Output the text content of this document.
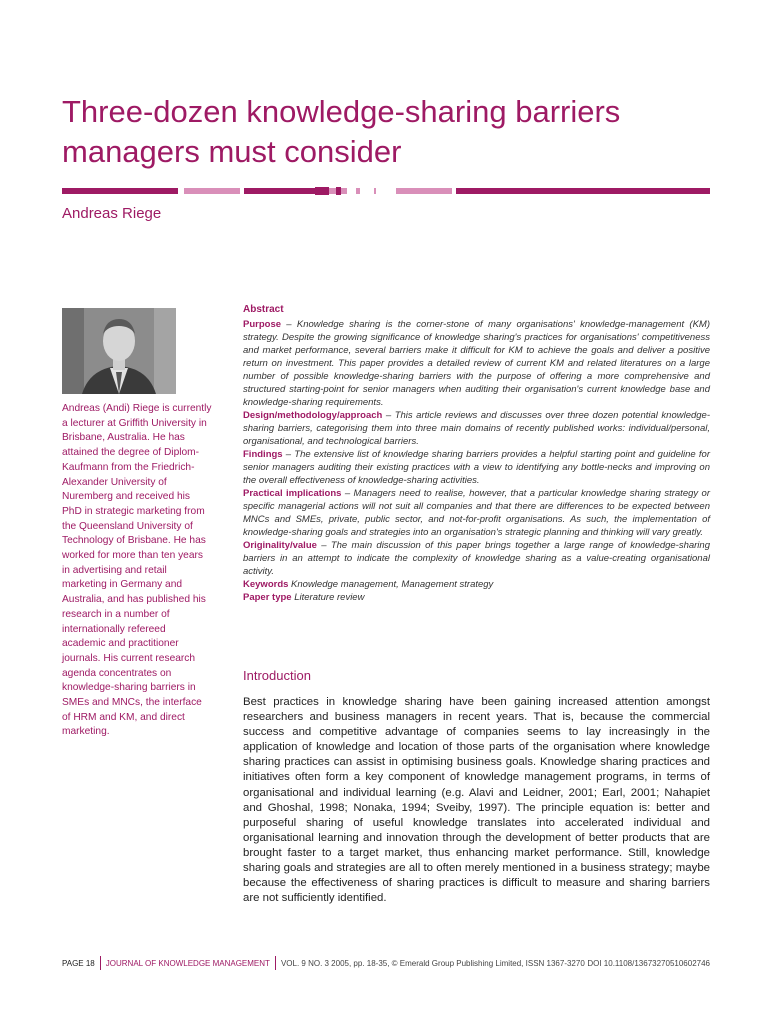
Three-dozen knowledge-sharing barriers managers must consider
Andreas Riege
Andreas (Andi) Riege is currently a lecturer at Griffith University in Brisbane, Australia. He has attained the degree of Diplom-Kaufmann from the Friedrich-Alexander University of Nuremberg and received his PhD in strategic marketing from the Queensland University of Technology of Brisbane. He has worked for more than ten years in advertising and retail marketing in Germany and Australia, and has published his research in a number of internationally refereed academic and practitioner journals. His current research agenda concentrates on knowledge-sharing barriers in SMEs and MNCs, the interface of HRM and KM, and direct marketing.

Abstract

Purpose – Knowledge sharing is the corner-stone of many organisations' knowledge-management (KM) strategy. Despite the growing significance of knowledge sharing's practices for organisations' competitiveness and market performance, several barriers make it difficult for KM to achieve the goals and deliver a positive return on investment. This paper provides a detailed review of current KM and related literatures on a large number of possible knowledge-sharing barriers with the purpose of offering a more comprehensive and structured starting-point for senior managers when auditing their organisation's current knowledge base and knowledge-sharing requirements.

Design/methodology/approach – This article reviews and discusses over three dozen potential knowledge-sharing barriers, categorising them into three main domains of recently published works: individual/personal, organisational, and technological barriers.

Findings – The extensive list of knowledge sharing barriers provides a helpful starting point and guideline for senior managers auditing their existing practices with a view to identifying any bottle-necks and improving on the overall effectiveness of knowledge-sharing activities.

Practical implications – Managers need to realise, however, that a particular knowledge sharing strategy or specific managerial actions will not suit all companies and that there are differences to be expected between MNCs and SMEs, private, public sector, and not-for-profit organisations. As such, the implementation of knowledge-sharing goals and strategies into an organisation's strategic planning and thinking will vary greatly.

Originality/value – The main discussion of this paper brings together a large range of knowledge-sharing barriers in an attempt to indicate the complexity of knowledge sharing as a value-creating organisational activity.

Keywords Knowledge management, Management strategy

Paper type Literature review

Introduction

Best practices in knowledge sharing have been gaining increased attention amongst researchers and business managers in recent years. That is, because the commercial success and competitive advantage of companies seems to lay increasingly in the application of knowledge and location of those parts of the organisation where knowledge sharing practices can assist in optimising business goals. Knowledge sharing practices and initiatives often form a key component of knowledge management programs, in terms of organisational and individual learning (e.g. Alavi and Leidner, 2001; Earl, 2001; Nahapiet and Ghoshal, 1998; Nonaka, 1994; Sveiby, 1997). The principle equation is: better and purposeful sharing of useful knowledge translates into accelerated individual and organisational learning and innovation through the development of better products that are brought faster to a target market, thus enhancing market performance. Still, knowledge sharing goals and strategies are all to often merely mentioned in a business strategy; maybe because the effectiveness of sharing practices is difficult to measure and sharing barriers are not sufficiently identified.

PAGE 18 JOURNAL OF KNOWLEDGE MANAGEMENT VOL. 9 NO. 3 2005, pp. 18-35, © Emerald Group Publishing Limited, ISSN 1367-3270 DOI 10.1108/13673270510602746
